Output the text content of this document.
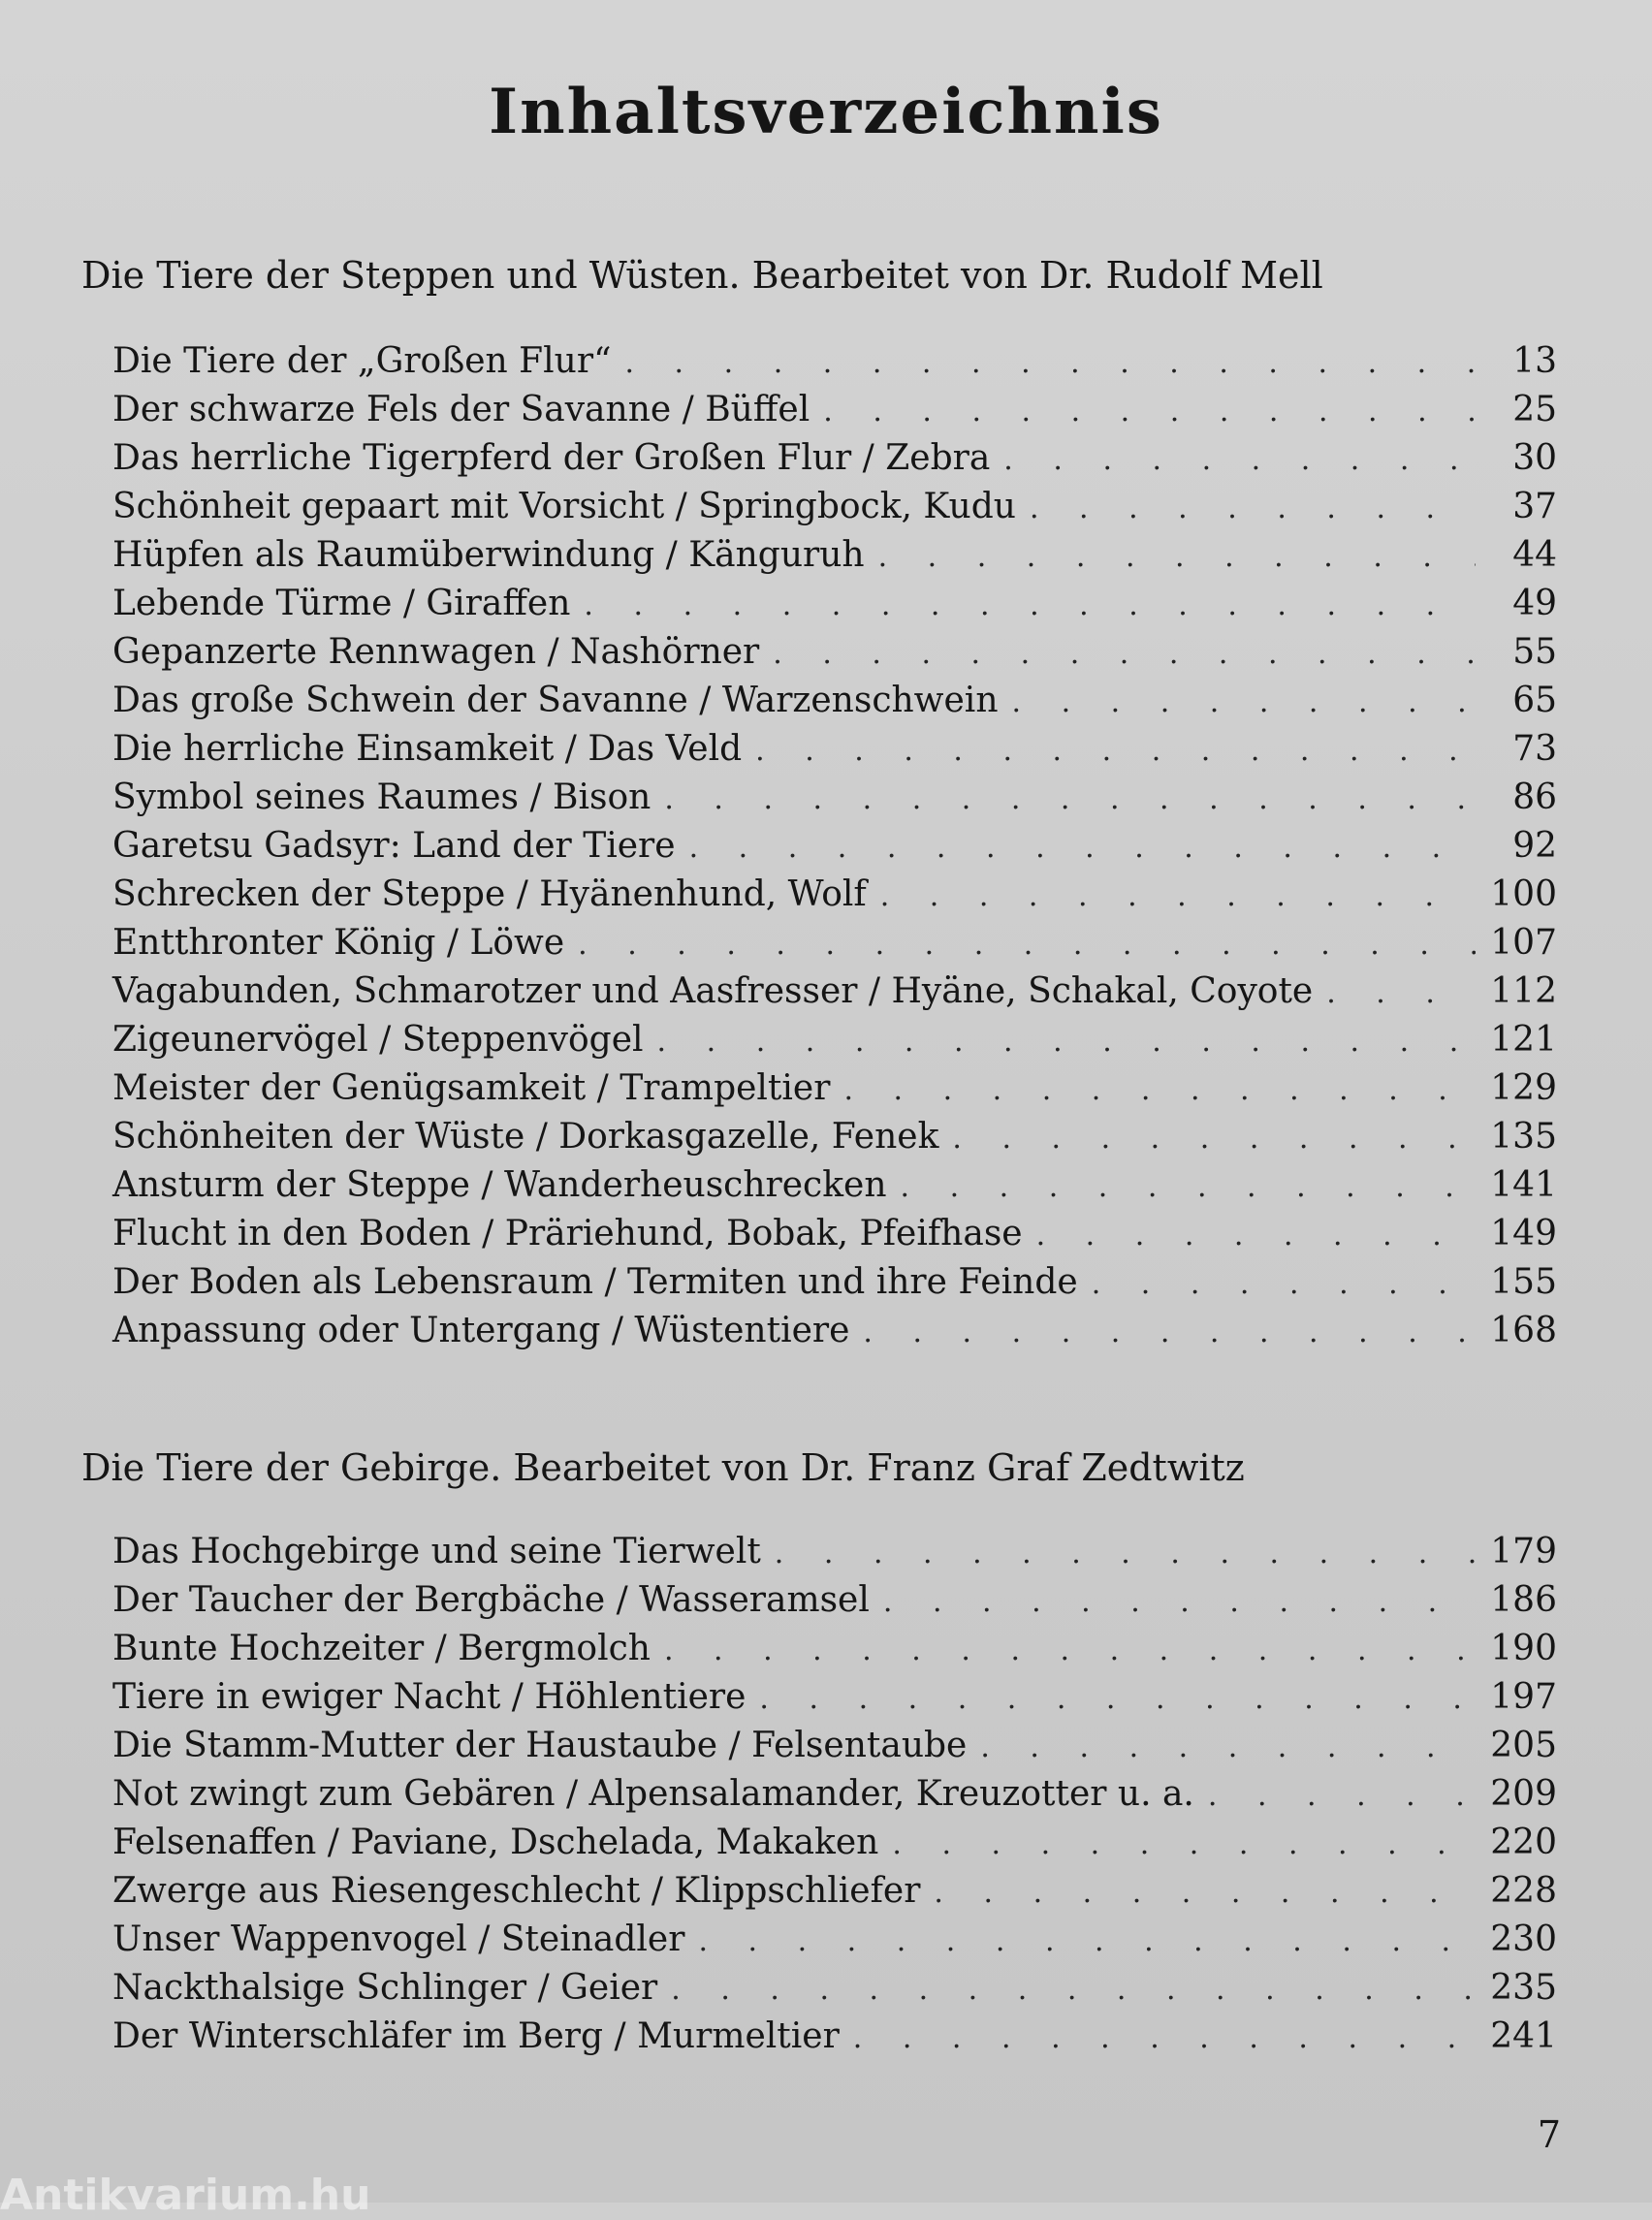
Inhaltsverzeichnis
Die Tiere der Steppen und Wüsten. Bearbeitet von Dr. Rudolf Mell
Die Tiere der „Großen Flur“ . . .	13
Der schwarze Fels der Savanne / Büffel . . .	25
Das herrliche Tigerpferd der Großen Flur / Zebra . . .	30
Schönheit gepaart mit Vorsicht / Springbock, Kudu . . .	37
Hüpfen als Raumüberwindung / Känguruh . . .	44
Lebende Türme / Giraffen . . .	49
Gepanzerte Rennwagen / Nashörner . . .	55
Das große Schwein der Savanne / Warzenschwein . . .	65
Die herrliche Einsamkeit / Das Veld . . .	73
Symbol seines Raumes / Bison . . .	86
Garetsu Gadsyr: Land der Tiere . . .	92
Schrecken der Steppe / Hyänenhund, Wolf . . .	100
Entthronter König / Löwe . . .	107
Vagabunden, Schmarotzer und Aasfresser / Hyäne, Schakal, Coyote . . .	112
Zigeunervögel / Steppenvögel . . .	121
Meister der Genügsamkeit / Trampeltier . . .	129
Schönheiten der Wüste / Dorkasgazelle, Fenek . . .	135
Ansturm der Steppe / Wanderheuschrecken . . .	141
Flucht in den Boden / Präriehund, Bobak, Pfeifhase . . .	149
Der Boden als Lebensraum / Termiten und ihre Feinde . . .	155
Anpassung oder Untergang / Wüstentiere . . .	168
Die Tiere der Gebirge. Bearbeitet von Dr. Franz Graf Zedtwitz
Das Hochgebirge und seine Tierwelt . . .	179
Der Taucher der Bergbäche / Wasseramsel . . .	186
Bunte Hochzeiter / Bergmolch . . .	190
Tiere in ewiger Nacht / Höhlentiere . . .	197
Die Stamm-Mutter der Haustaube / Felsentaube . . .	205
Not zwingt zum Gebären / Alpensalamander, Kreuzotter u. a. . . .	209
Felsenaffen / Paviane, Dschelada, Makaken . . .	220
Zwerge aus Riesengeschlecht / Klippschliefer . . .	228
Unser Wappenvogel / Steinadler . . .	230
Nackthalsige Schlinger / Geier . . .	235
Der Winterschläfer im Berg / Murmeltier . . .	241
7
Antikvarium.hu
